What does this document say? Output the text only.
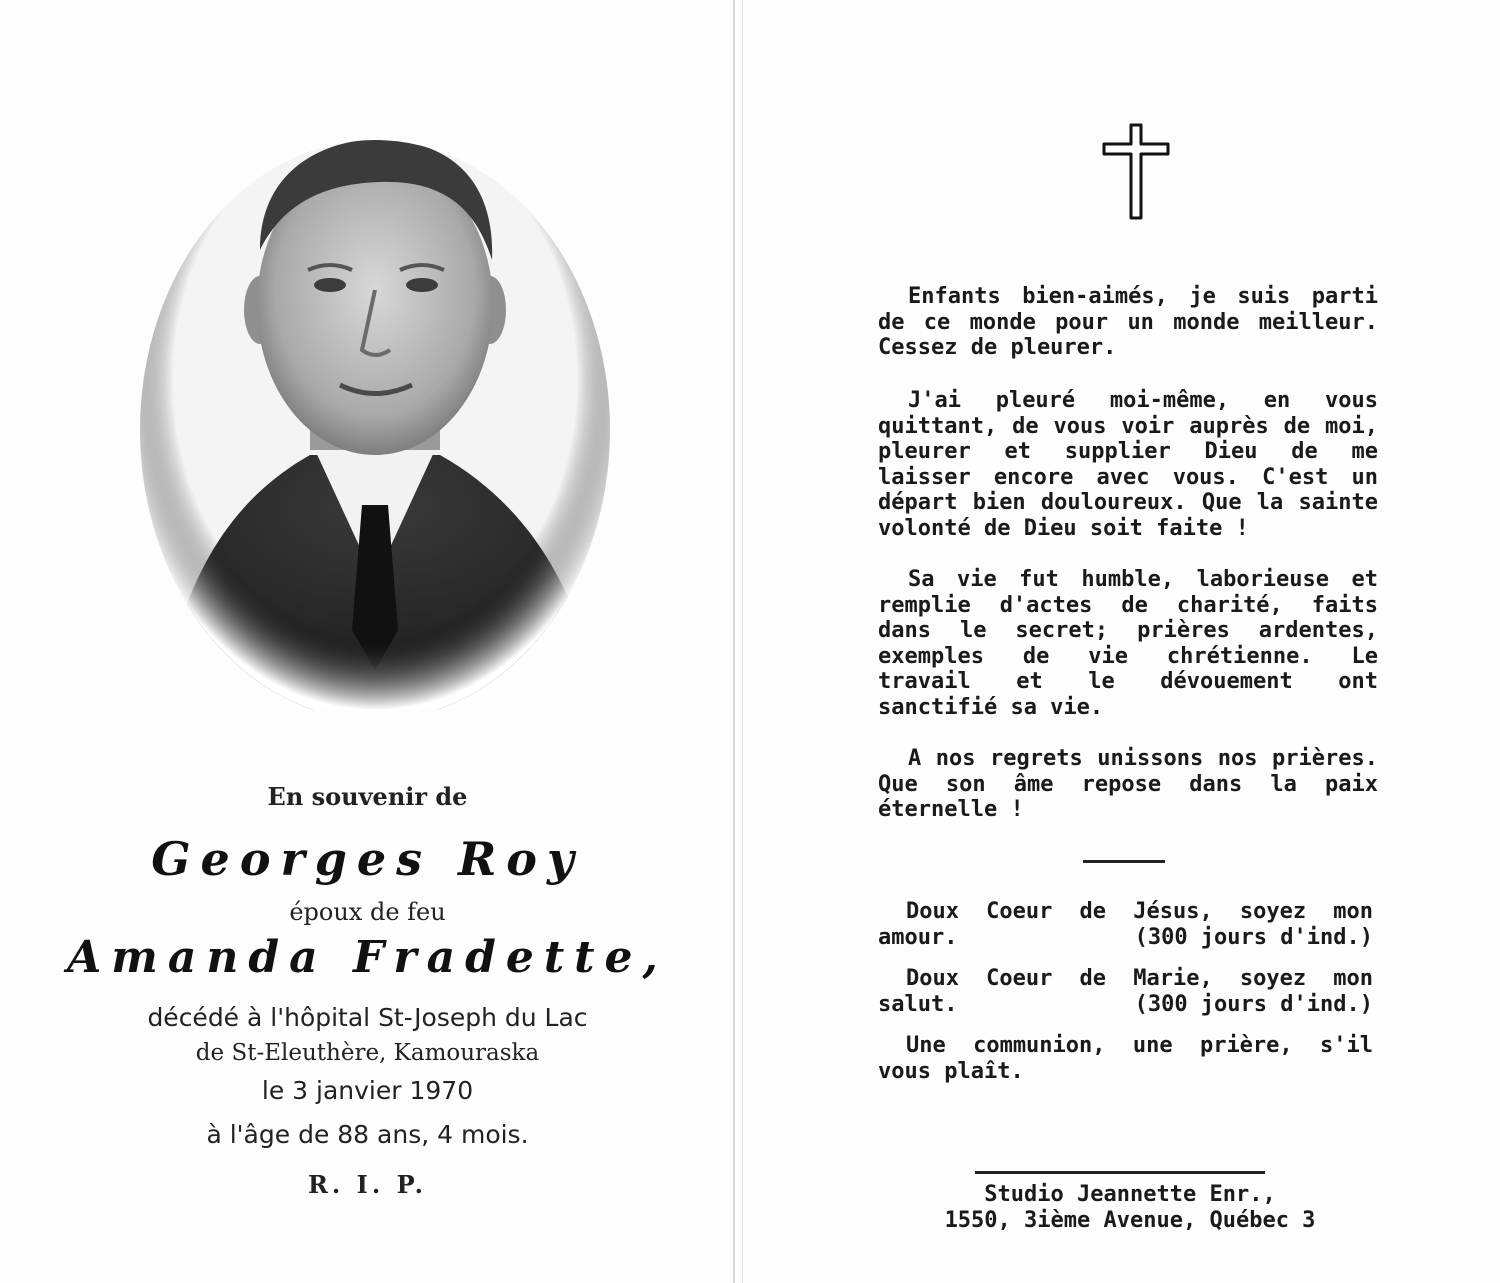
En souvenir de
Georges Roy
époux de feu
Amanda Fradette,
décédé à l'hôpital St-Joseph du Lac
de St-Eleuthère, Kamouraska
le 3 janvier 1970
à l'âge de 88 ans, 4 mois.
R. I. P.

Enfants bien-aimés, je suis parti de ce monde pour un monde meilleur. Cessez de pleurer.

J'ai pleuré moi-même, en vous quittant, de vous voir auprès de moi, pleurer et supplier Dieu de me laisser encore avec vous. C'est un départ bien douloureux. Que la sainte volonté de Dieu soit faite !

Sa vie fut humble, laborieuse et remplie d'actes de charité, faits dans le secret; prières ardentes, exemples de vie chrétienne. Le travail et le dévouement ont sanctifié sa vie.

A nos regrets unissons nos prières. Que son âme repose dans la paix éternelle !

Doux Coeur de Jésus, soyez mon
amour.	(300 jours d'ind.)
Doux Coeur de Marie, soyez mon
salut.	(300 jours d'ind.)
Une communion, une prière, s'il
vous plaît.
Studio Jeannette Enr.,
1550, 3ième Avenue, Québec 3
